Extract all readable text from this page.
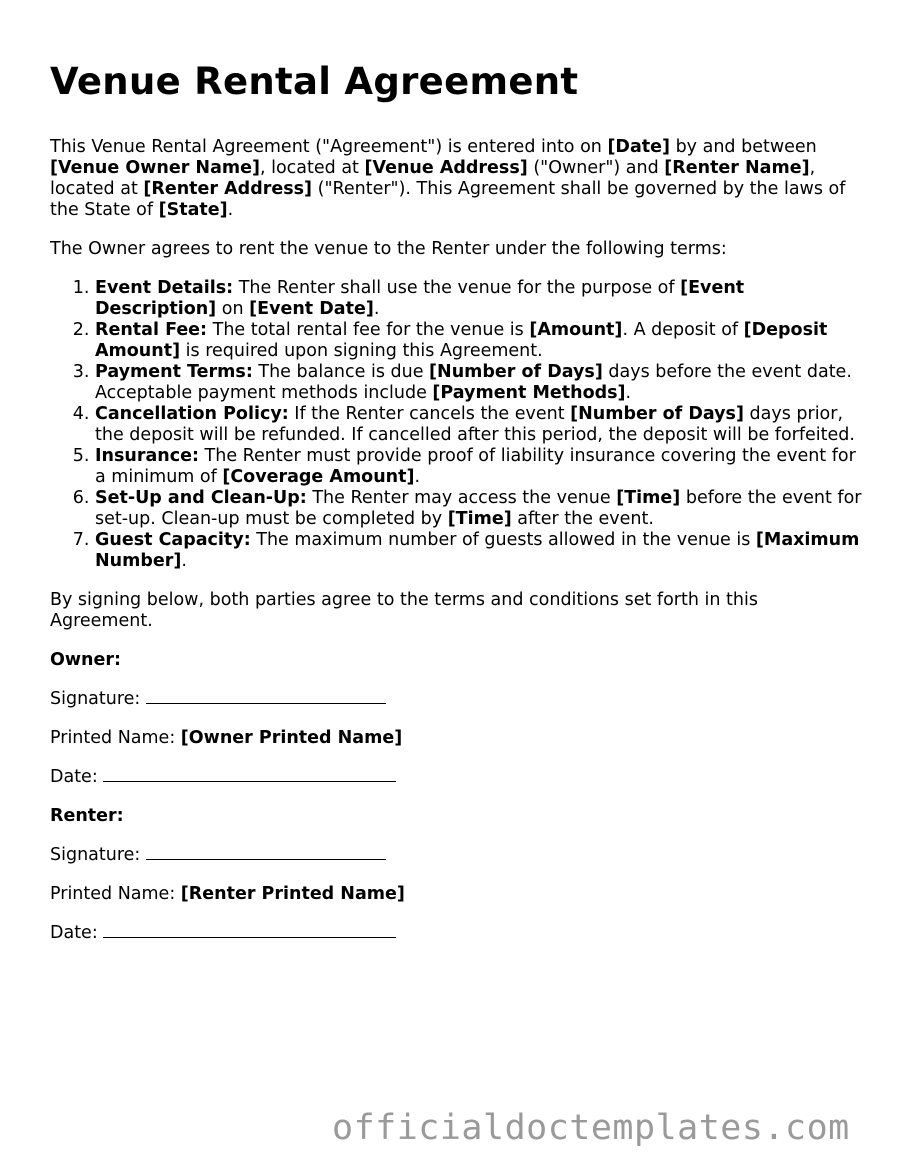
Venue Rental Agreement

This Venue Rental Agreement ("Agreement") is entered into on [Date] by and between [Venue Owner Name], located at [Venue Address] ("Owner") and [Renter Name], located at [Renter Address] ("Renter"). This Agreement shall be governed by the laws of the State of [State].

The Owner agrees to rent the venue to the Renter under the following terms:

1. Event Details: The Renter shall use the venue for the purpose of [Event Description] on [Event Date].
2. Rental Fee: The total rental fee for the venue is [Amount]. A deposit of [Deposit Amount] is required upon signing this Agreement.
3. Payment Terms: The balance is due [Number of Days] days before the event date. Acceptable payment methods include [Payment Methods].
4. Cancellation Policy: If the Renter cancels the event [Number of Days] days prior, the deposit will be refunded. If cancelled after this period, the deposit will be forfeited.
5. Insurance: The Renter must provide proof of liability insurance covering the event for a minimum of [Coverage Amount].
6. Set-Up and Clean-Up: The Renter may access the venue [Time] before the event for set-up. Clean-up must be completed by [Time] after the event.
7. Guest Capacity: The maximum number of guests allowed in the venue is [Maximum Number].

By signing below, both parties agree to the terms and conditions set forth in this Agreement.

Owner:

Signature:

Printed Name: [Owner Printed Name]

Date:

Renter:

Signature:

Printed Name: [Renter Printed Name]

Date:

officialdoctemplates.com
